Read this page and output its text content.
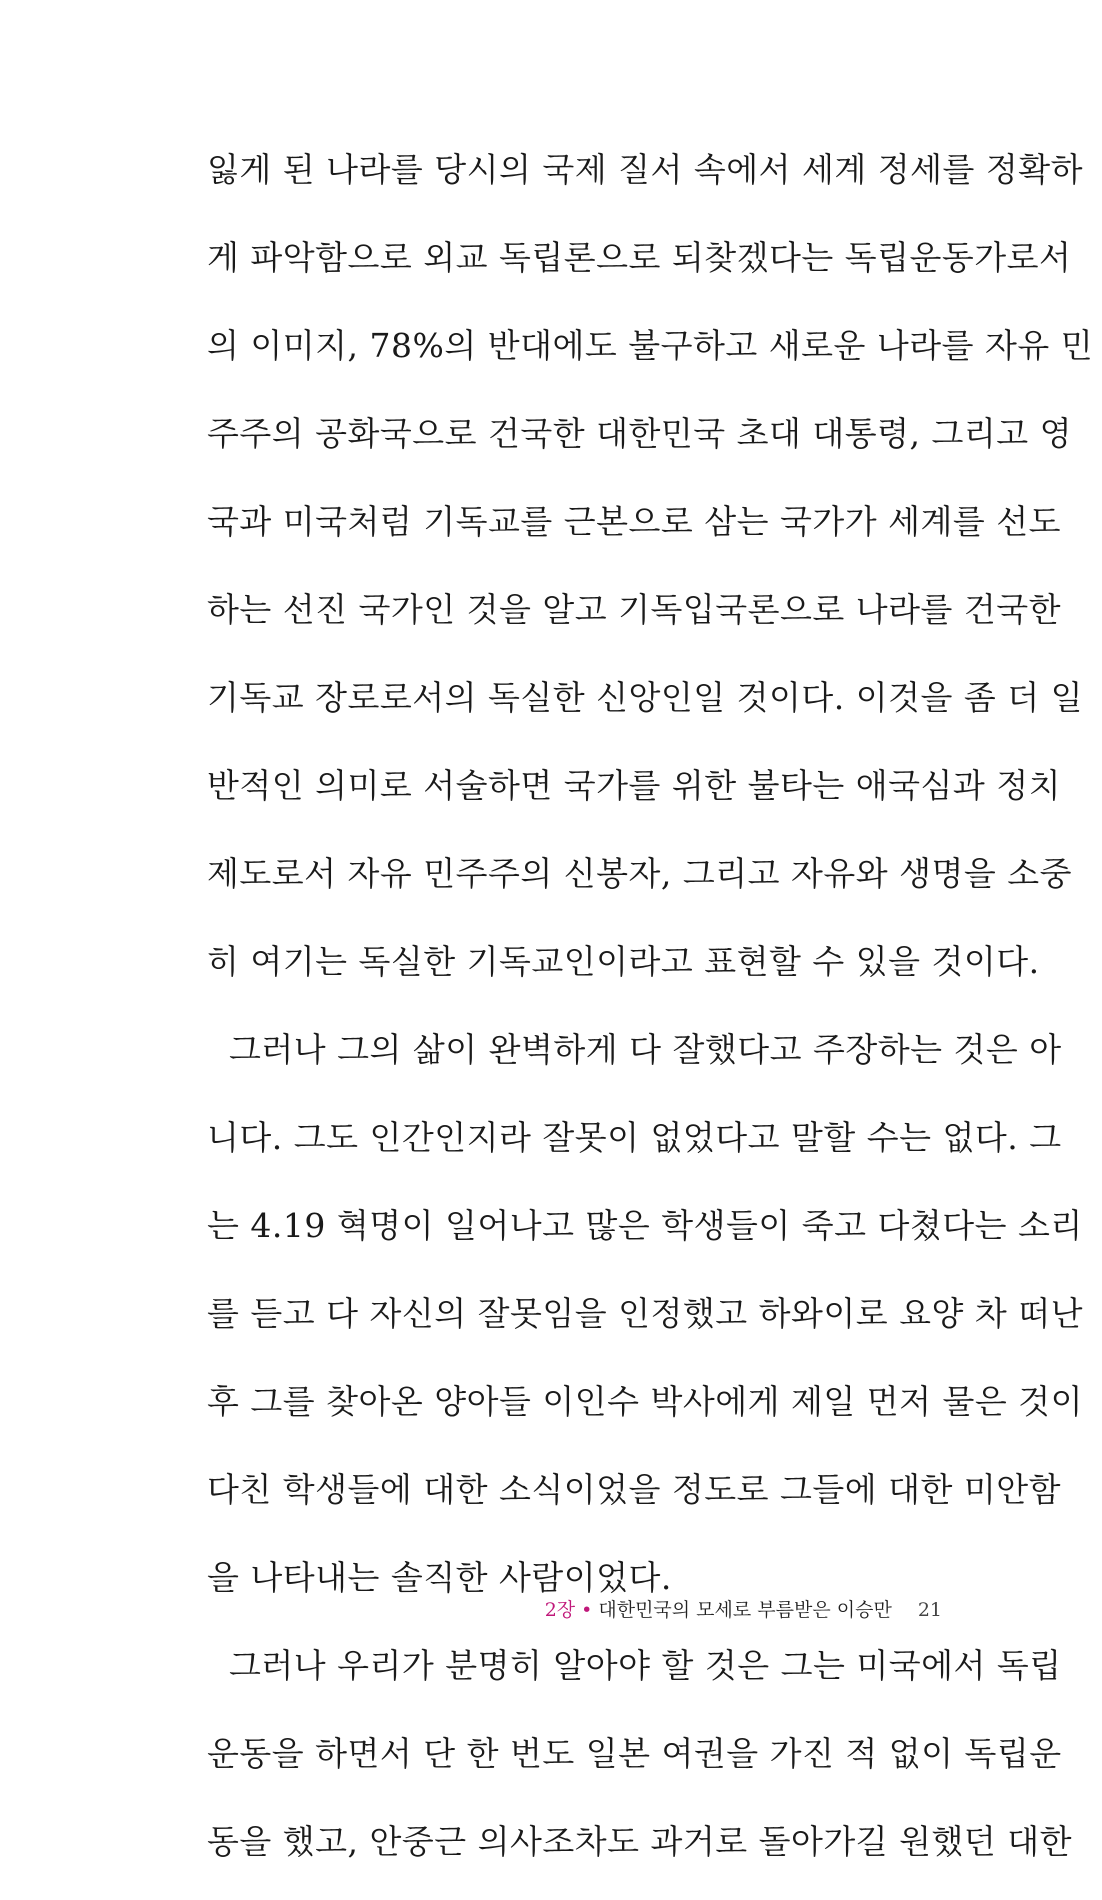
잃게 된 나라를 당시의 국제 질서 속에서 세계 정세를 정확하
게 파악함으로 외교 독립론으로 되찾겠다는 독립운동가로서
의 이미지, 78%의 반대에도 불구하고 새로운 나라를 자유 민
주주의 공화국으로 건국한 대한민국 초대 대통령, 그리고 영
국과 미국처럼 기독교를 근본으로 삼는 국가가 세계를 선도
하는 선진 국가인 것을 알고 기독입국론으로 나라를 건국한
기독교 장로로서의 독실한 신앙인일 것이다. 이것을 좀 더 일
반적인 의미로 서술하면 국가를 위한 불타는 애국심과 정치
제도로서 자유 민주주의 신봉자, 그리고 자유와 생명을 소중
히 여기는 독실한 기독교인이라고 표현할 수 있을 것이다.
그러나 그의 삶이 완벽하게 다 잘했다고 주장하는 것은 아
니다. 그도 인간인지라 잘못이 없었다고 말할 수는 없다. 그
는 4.19 혁명이 일어나고 많은 학생들이 죽고 다쳤다는 소리
를 듣고 다 자신의 잘못임을 인정했고 하와이로 요양 차 떠난
후 그를 찾아온 양아들 이인수 박사에게 제일 먼저 물은 것이
다친 학생들에 대한 소식이었을 정도로 그들에 대한 미안함
을 나타내는 솔직한 사람이었다.
그러나 우리가 분명히 알아야 할 것은 그는 미국에서 독립
운동을 하면서 단 한 번도 일본 여권을 가진 적 없이 독립운
동을 했고, 안중근 의사조차도 과거로 돌아가길 원했던 대한
2장 • 대한민국의 모세로 부름받은 이승만 21
